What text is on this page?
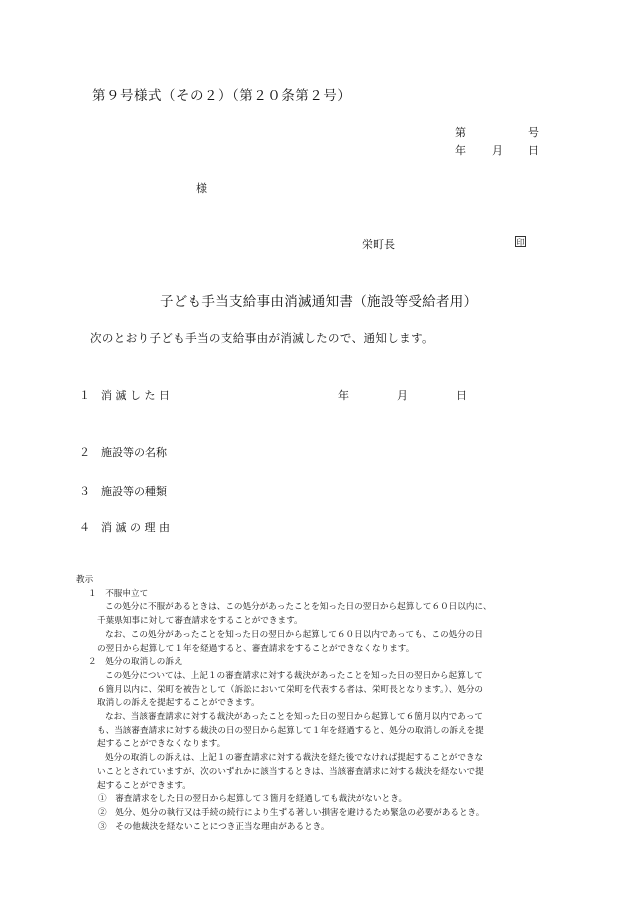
第９号様式（その２）（第２０条第２号）
第	号
年 月 日
様
栄町長	印
子ども手当支給事由消滅通知書（施設等受給者用）
次のとおり子ども手当の支給事由が消滅したので、通知します。
１ 消 滅 し た 日	年	月	日
２ 施設等の名称
３ 施設等の種類
４ 消 滅 の 理 由

教示

１　不服申立て

この処分に不服があるときは、この処分があったことを知った日の翌日から起算して６０日以内に、

千葉県知事に対して審査請求をすることができます。

なお、この処分があったことを知った日の翌日から起算して６０日以内であっても、この処分の日

の翌日から起算して１年を経過すると、審査請求をすることができなくなります。

２　処分の取消しの訴え

この処分については、上記１の審査請求に対する裁決があったことを知った日の翌日から起算して

６箇月以内に、栄町を被告として（訴訟において栄町を代表する者は、栄町長となります。）、処分の

取消しの訴えを提起することができます。

なお、当該審査請求に対する裁決があったことを知った日の翌日から起算して６箇月以内であって

も、当該審査請求に対する裁決の日の翌日から起算して１年を経過すると、処分の取消しの訴えを提

起することができなくなります。

処分の取消しの訴えは、上記１の審査請求に対する裁決を経た後でなければ提起することができな

いこととされていますが、次のいずれかに該当するときは、当該審査請求に対する裁決を経ないで提

起することができます。

①　審査請求をした日の翌日から起算して３箇月を経過しても裁決がないとき。

②　処分、処分の執行又は手続の続行により生ずる著しい損害を避けるため緊急の必要があるとき。

③　その他裁決を経ないことにつき正当な理由があるとき。
